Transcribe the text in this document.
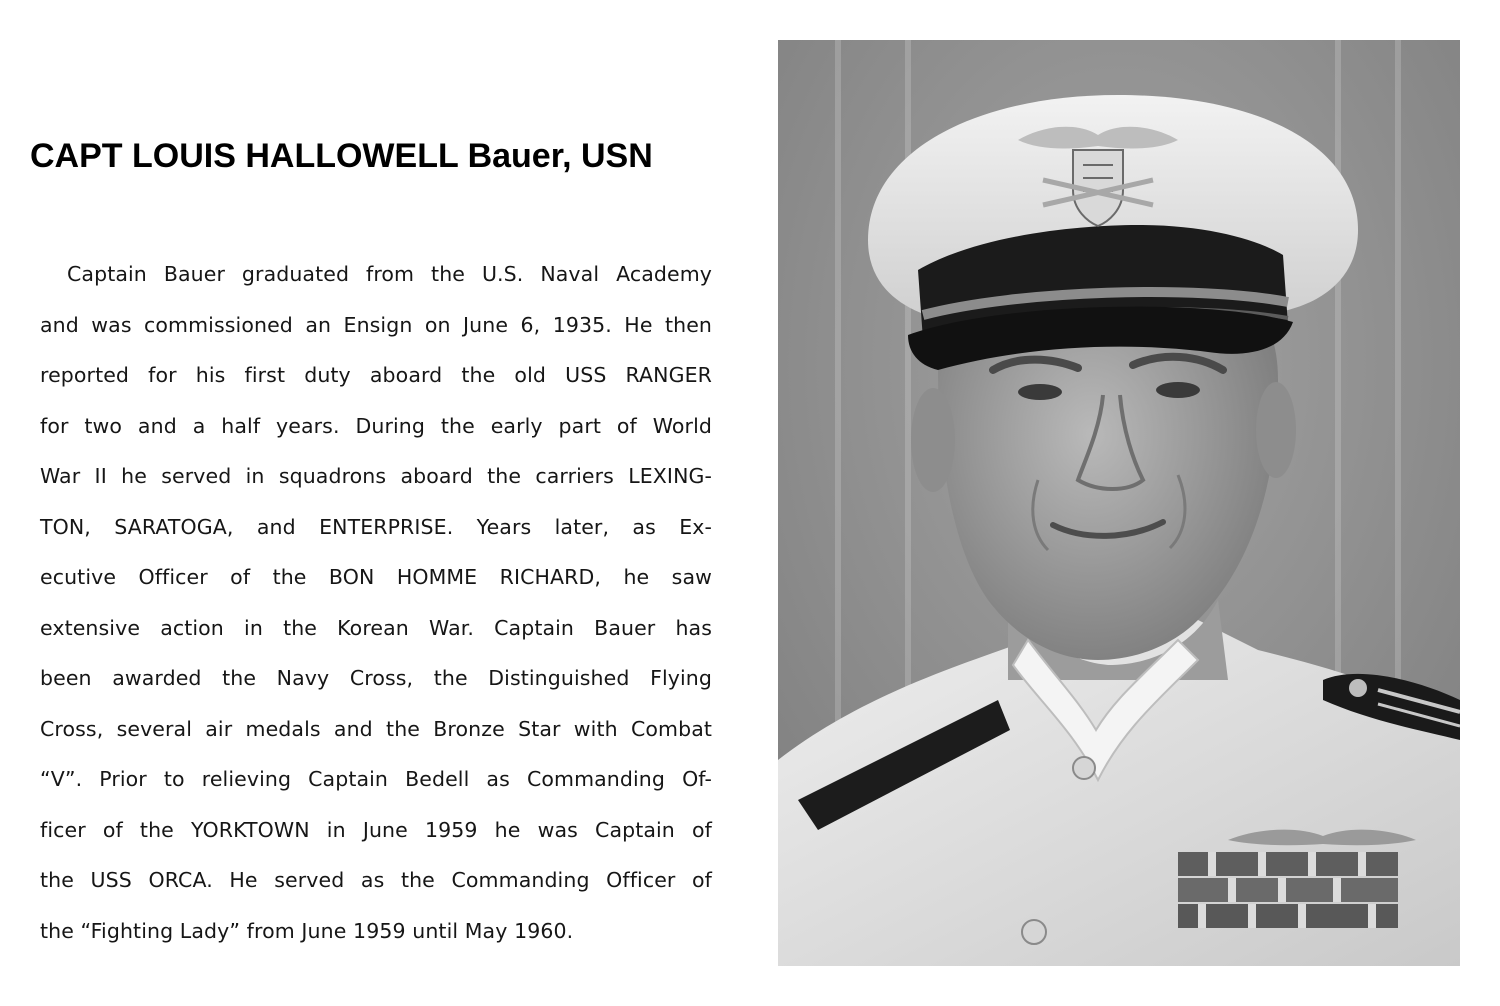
CAPT LOUIS HALLOWELL Bauer, USN
Captain Bauer graduated from the U.S. Naval Academy
and was commissioned an Ensign on June 6, 1935. He then
reported for his first duty aboard the old USS RANGER
for two and a half years. During the early part of World
War II he served in squadrons aboard the carriers LEXING-
TON, SARATOGA, and ENTERPRISE. Years later, as Ex-
ecutive Officer of the BON HOMME RICHARD, he saw
extensive action in the Korean War. Captain Bauer has
been awarded the Navy Cross, the Distinguished Flying
Cross, several air medals and the Bronze Star with Combat
“V”. Prior to relieving Captain Bedell as Commanding Of-
ficer of the YORKTOWN in June 1959 he was Captain of
the USS ORCA. He served as the Commanding Officer of
the “Fighting Lady” from June 1959 until May 1960.
